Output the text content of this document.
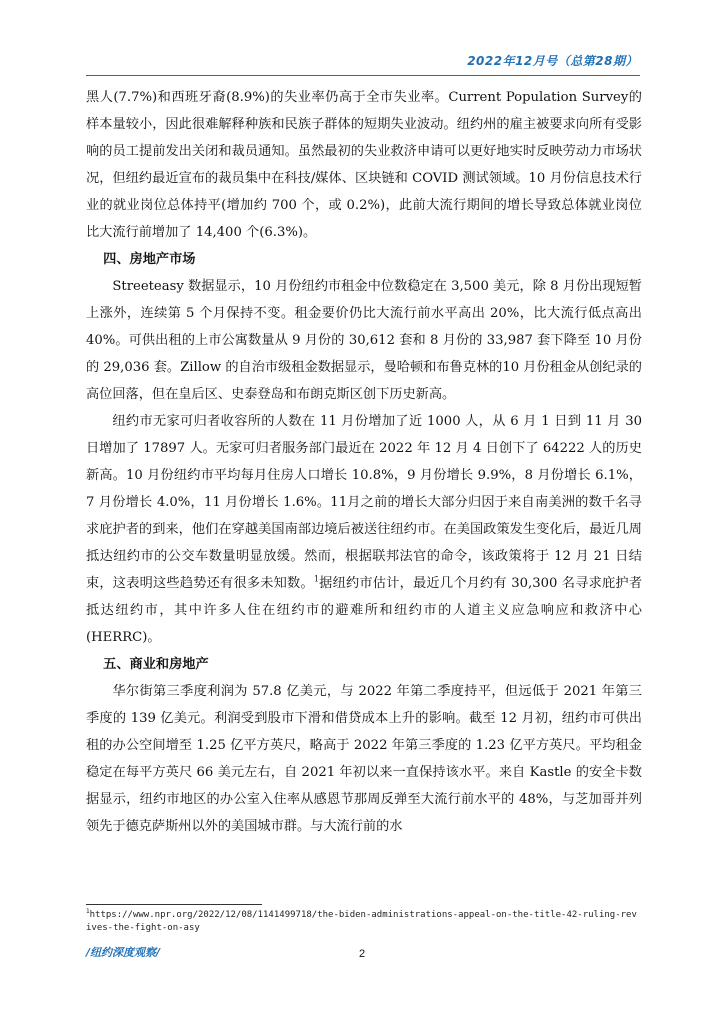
2022年12月号（总第28期）

黑人(7.7%)和西班牙裔(8.9%)的失业率仍高于全市失业率。Current Population Survey的样本量较小，因此很难解释种族和民族子群体的短期失业波动。纽约州的雇主被要求向所有受影响的员工提前发出关闭和裁员通知。虽然最初的失业救济申请可以更好地实时反映劳动力市场状况，但纽约最近宣布的裁员集中在科技/媒体、区块链和 COVID 测试领域。10 月份信息技术行业的就业岗位总体持平(增加约 700 个，或 0.2%)，此前大流行期间的增长导致总体就业岗位比大流行前增加了 14,400 个(6.3%)。

四、房地产市场

Streeteasy 数据显示，10 月份纽约市租金中位数稳定在 3,500 美元，除 8 月份出现短暂上涨外，连续第 5 个月保持不变。租金要价仍比大流行前水平高出 20%，比大流行低点高出 40%。可供出租的上市公寓数量从 9 月份的 30,612 套和 8 月份的 33,987 套下降至 10 月份的 29,036 套。Zillow 的自治市级租金数据显示，曼哈顿和布鲁克林的10 月份租金从创纪录的高位回落，但在皇后区、史泰登岛和布朗克斯区创下历史新高。

纽约市无家可归者收容所的人数在 11 月份增加了近 1000 人，从 6 月 1 日到 11 月 30 日增加了 17897 人。无家可归者服务部门最近在 2022 年 12 月 4 日创下了 64222 人的历史新高。10 月份纽约市平均每月住房人口增长 10.8%，9 月份增长 9.9%，8 月份增长 6.1%，7 月份增长 4.0%，11 月份增长 1.6%。11月之前的增长大部分归因于来自南美洲的数千名寻求庇护者的到来，他们在穿越美国南部边境后被送往纽约市。在美国政策发生变化后，最近几周抵达纽约市的公交车数量明显放缓。然而，根据联邦法官的命令，该政策将于 12 月 21 日结束，这表明这些趋势还有很多未知数。$^1$据纽约市估计，最近几个月约有 30,300 名寻求庇护者抵达纽约市，其中许多人住在纽约市的避难所和纽约市的人道主义应急响应和救济中心(HERRC)。

五、商业和房地产

华尔街第三季度利润为 57.8 亿美元，与 2022 年第二季度持平，但远低于 2021 年第三季度的 139 亿美元。利润受到股市下滑和借贷成本上升的影响。截至 12 月初，纽约市可供出租的办公空间增至 1.25 亿平方英尺，略高于 2022 年第三季度的 1.23 亿平方英尺。平均租金稳定在每平方英尺 66 美元左右，自 2021 年初以来一直保持该水平。来自 Kastle 的安全卡数据显示，纽约市地区的办公室入住率从感恩节那周反弹至大流行前水平的 48%，与芝加哥并列领先于德克萨斯州以外的美国城市群。与大流行前的水

$^1$https://www.npr.org/2022/12/08/1141499718/the-biden-administrations-appeal-on-the-title-42-ruling-revives-the-fight-on-asy
/纽约深度观察/	2
